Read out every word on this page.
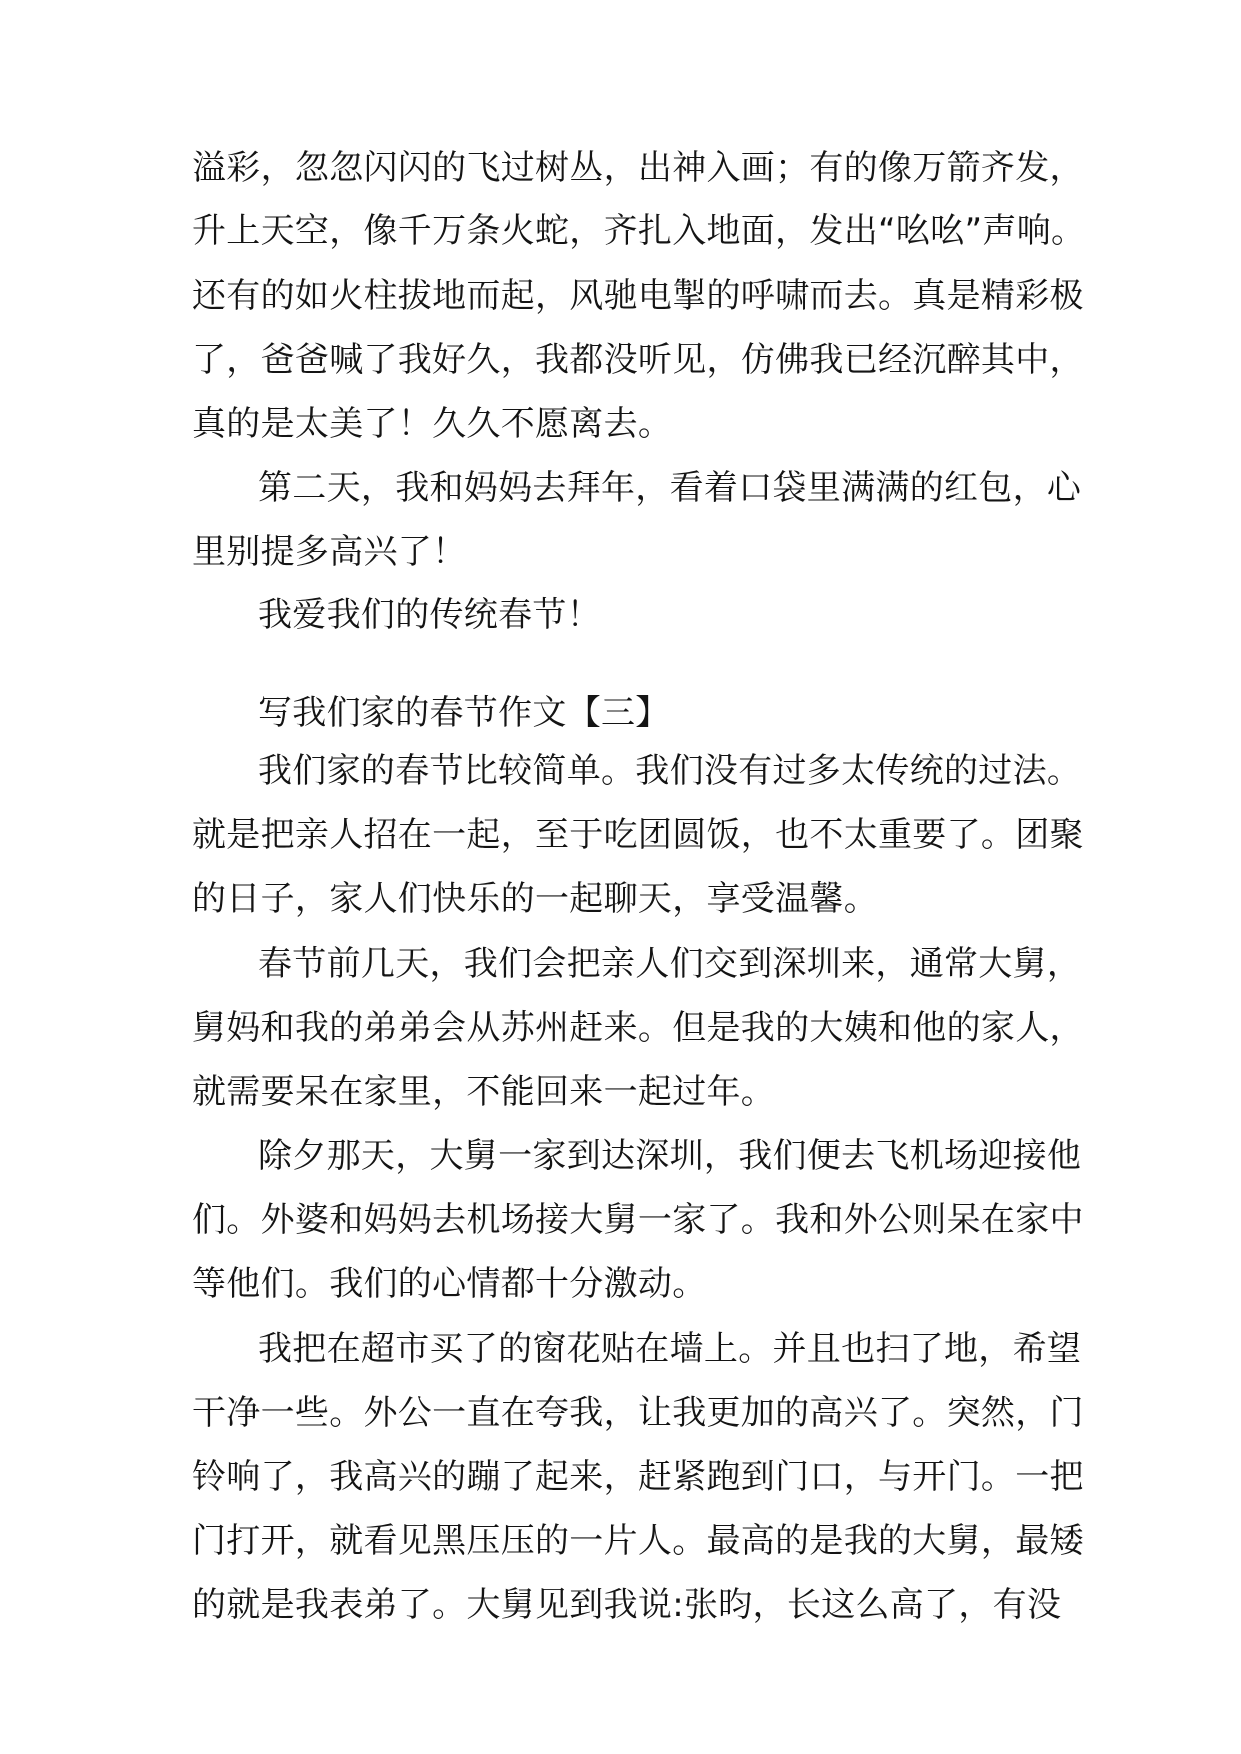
溢彩，忽忽闪闪的飞过树丛，出神入画；有的像万箭齐发，

升上天空，像千万条火蛇，齐扎入地面，发出“吆吆”声响。

还有的如火柱拔地而起，风驰电掣的呼啸而去。真是精彩极

了，爸爸喊了我好久，我都没听见，仿佛我已经沉醉其中，

真的是太美了！久久不愿离去。

第二天，我和妈妈去拜年，看着口袋里满满的红包，心

里别提多高兴了！

我爱我们的传统春节！

写我们家的春节作文【三】

我们家的春节比较简单。我们没有过多太传统的过法。

就是把亲人招在一起，至于吃团圆饭，也不太重要了。团聚

的日子，家人们快乐的一起聊天，享受温馨。

春节前几天，我们会把亲人们交到深圳来，通常大舅，

舅妈和我的弟弟会从苏州赶来。但是我的大姨和他的家人，

就需要呆在家里，不能回来一起过年。

除夕那天，大舅一家到达深圳，我们便去飞机场迎接他

们。外婆和妈妈去机场接大舅一家了。我和外公则呆在家中

等他们。我们的心情都十分激动。

我把在超市买了的窗花贴在墙上。并且也扫了地，希望

干净一些。外公一直在夸我，让我更加的高兴了。突然，门

铃响了，我高兴的蹦了起来，赶紧跑到门口，与开门。一把

门打开，就看见黑压压的一片人。最高的是我的大舅，最矮

的就是我表弟了。大舅见到我说:张昀，长这么高了，有没
